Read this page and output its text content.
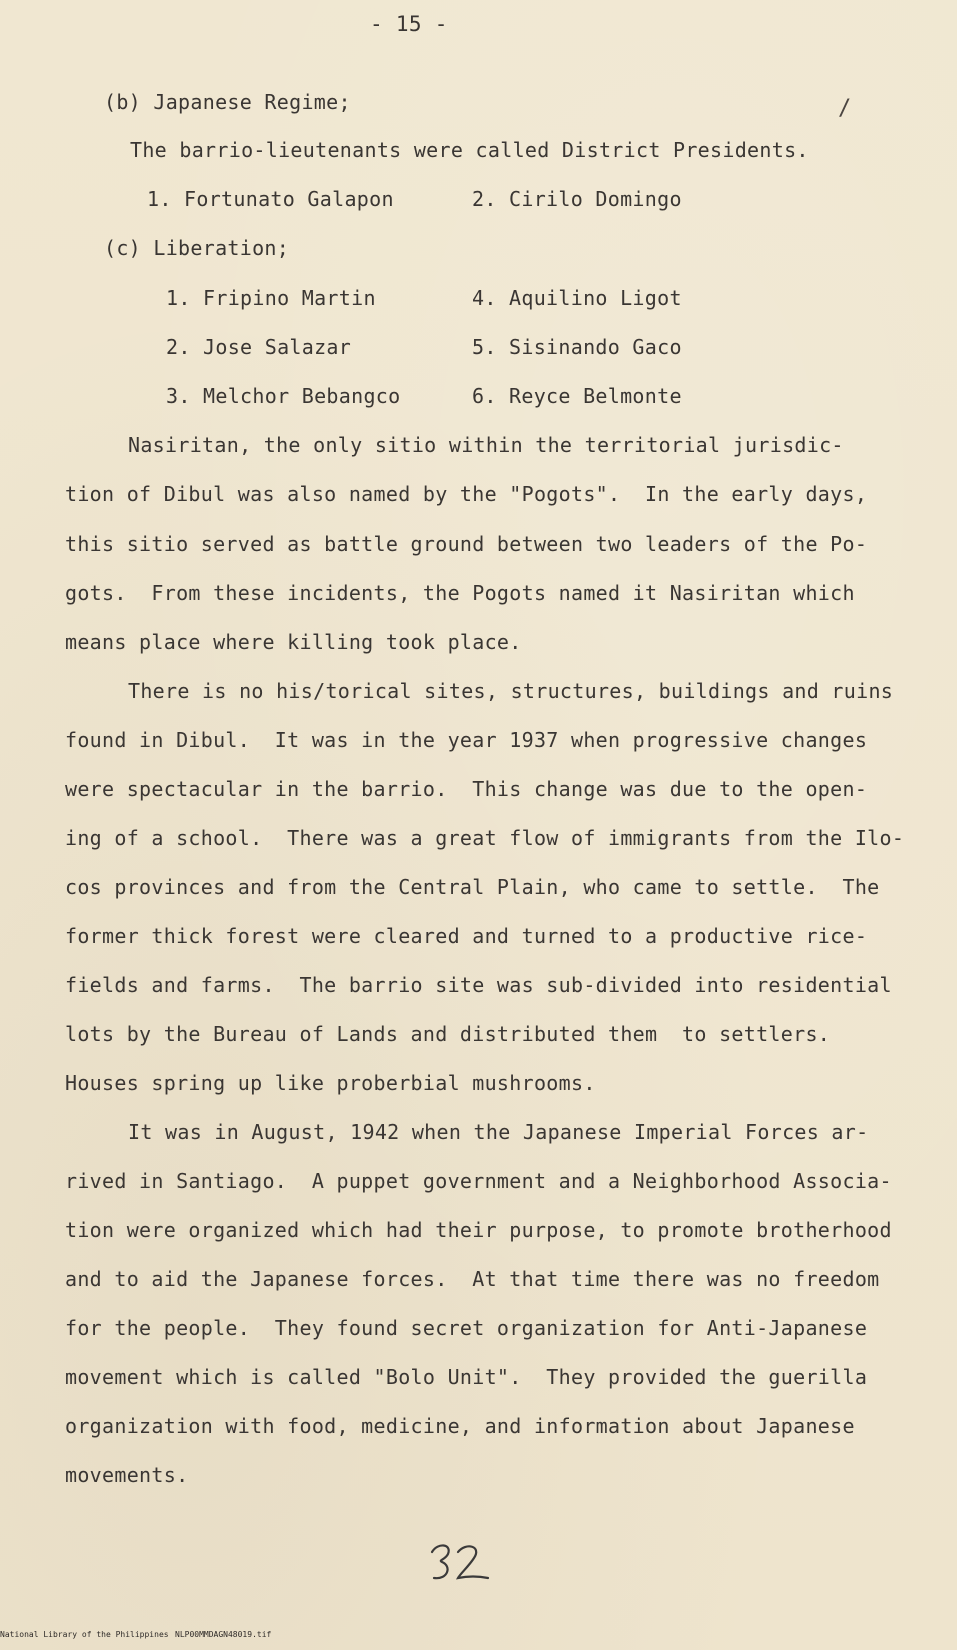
- 15 -
/
(b) Japanese Regime;
The barrio-lieutenants were called District Presidents.
1. Fortunato Galapon	2. Cirilo Domingo
(c) Liberation;
1. Fripino Martin
2. Jose Salazar
3. Melchor Bebangco
4. Aquilino Ligot
5. Sisinando Gaco
6. Reyce Belmonte
Nasiritan, the only sitio within the territorial jurisdic-
tion of Dibul was also named by the "Pogots".  In the early days,
this sitio served as battle ground between two leaders of the Po-
gots.  From these incidents, the Pogots named it Nasiritan which
means place where killing took place.
There is no his/torical sites, structures, buildings and ruins
found in Dibul.  It was in the year 1937 when progressive changes
were spectacular in the barrio.  This change was due to the open-
ing of a school.  There was a great flow of immigrants from the Ilo-
cos provinces and from the Central Plain, who came to settle.  The
former thick forest were cleared and turned to a productive rice-
fields and farms.  The barrio site was sub-divided into residential
lots by the Bureau of Lands and distributed them  to settlers.
Houses spring up like proberbial mushrooms.
It was in August, 1942 when the Japanese Imperial Forces ar-
rived in Santiago.  A puppet government and a Neighborhood Associa-
tion were organized which had their purpose, to promote brotherhood
and to aid the Japanese forces.  At that time there was no freedom
for the people.  They found secret organization for Anti-Japanese
movement which is called "Bolo Unit".  They provided the guerilla
organization with food, medicine, and information about Japanese
movements.
National Library of the Philippines NLP00MMDAGN48019.tif
